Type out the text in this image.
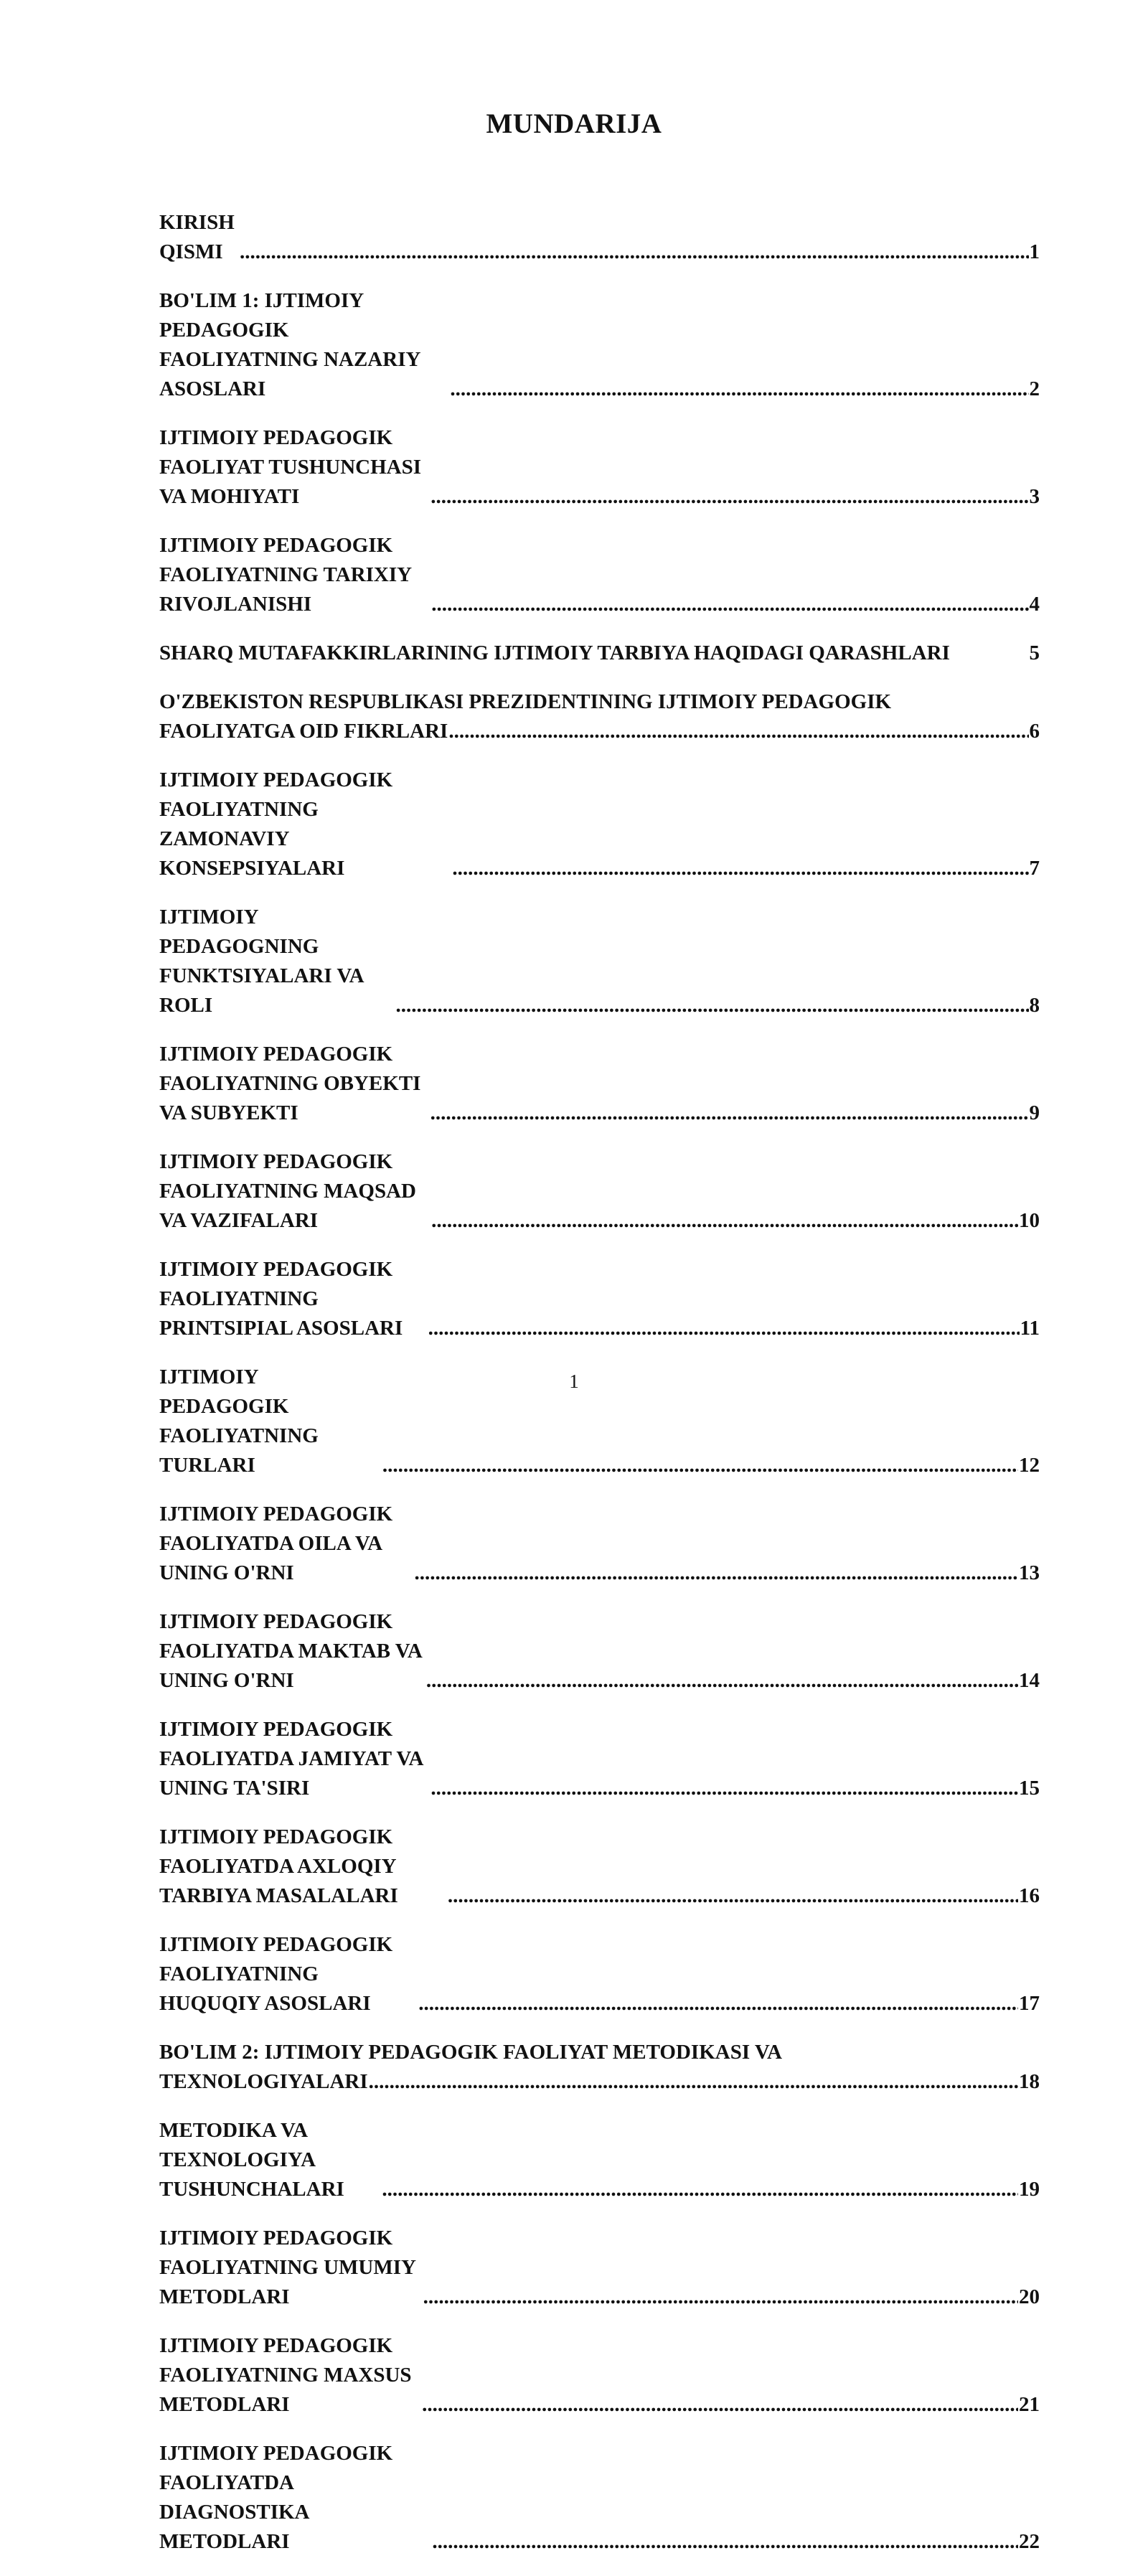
MUNDARIJA
KIRISH QISMI .....	1
BO'LIM 1: IJTIMOIY PEDAGOGIK FAOLIYATNING NAZARIY ASOSLARI .....	2
IJTIMOIY PEDAGOGIK FAOLIYAT TUSHUNCHASI VA MOHIYATI .....	3
IJTIMOIY PEDAGOGIK FAOLIYATNING TARIXIY RIVOJLANISHI .....	4
SHARQ MUTAFAKKIRLARINING IJTIMOIY TARBIYA HAQIDAGI QARASHLARI	5
O'ZBEKISTON RESPUBLIKASI PREZIDENTINING IJTIMOIY PEDAGOGIK
FAOLIYATGA OID FIKRLARI .....	6
IJTIMOIY PEDAGOGIK FAOLIYATNING ZAMONAVIY KONSEPSIYALARI .....	7
IJTIMOIY PEDAGOGNING FUNKTSIYALARI VA ROLI .....	8
IJTIMOIY PEDAGOGIK FAOLIYATNING OBYEKTI VA SUBYEKTI .....	9
IJTIMOIY PEDAGOGIK FAOLIYATNING MAQSAD VA VAZIFALARI .....	10
IJTIMOIY PEDAGOGIK FAOLIYATNING PRINTSIPIAL ASOSLARI .....	11
IJTIMOIY PEDAGOGIK FAOLIYATNING TURLARI .....	12
IJTIMOIY PEDAGOGIK FAOLIYATDA OILA VA UNING O'RNI .....	13
IJTIMOIY PEDAGOGIK FAOLIYATDA MAKTAB VA UNING O'RNI .....	14
IJTIMOIY PEDAGOGIK FAOLIYATDA JAMIYAT VA UNING TA'SIRI .....	15
IJTIMOIY PEDAGOGIK FAOLIYATDA AXLOQIY TARBIYA MASALALARI .....	16
IJTIMOIY PEDAGOGIK FAOLIYATNING HUQUQIY ASOSLARI .....	17
BO'LIM 2: IJTIMOIY PEDAGOGIK FAOLIYAT METODIKASI VA
TEXNOLOGIYALARI .....	18
METODIKA VA TEXNOLOGIYA TUSHUNCHALARI .....	19
IJTIMOIY PEDAGOGIK FAOLIYATNING UMUMIY METODLARI .....	20
IJTIMOIY PEDAGOGIK FAOLIYATNING MAXSUS METODLARI .....	21
IJTIMOIY PEDAGOGIK FAOLIYATDA DIAGNOSTIKA METODLARI .....	22
1
